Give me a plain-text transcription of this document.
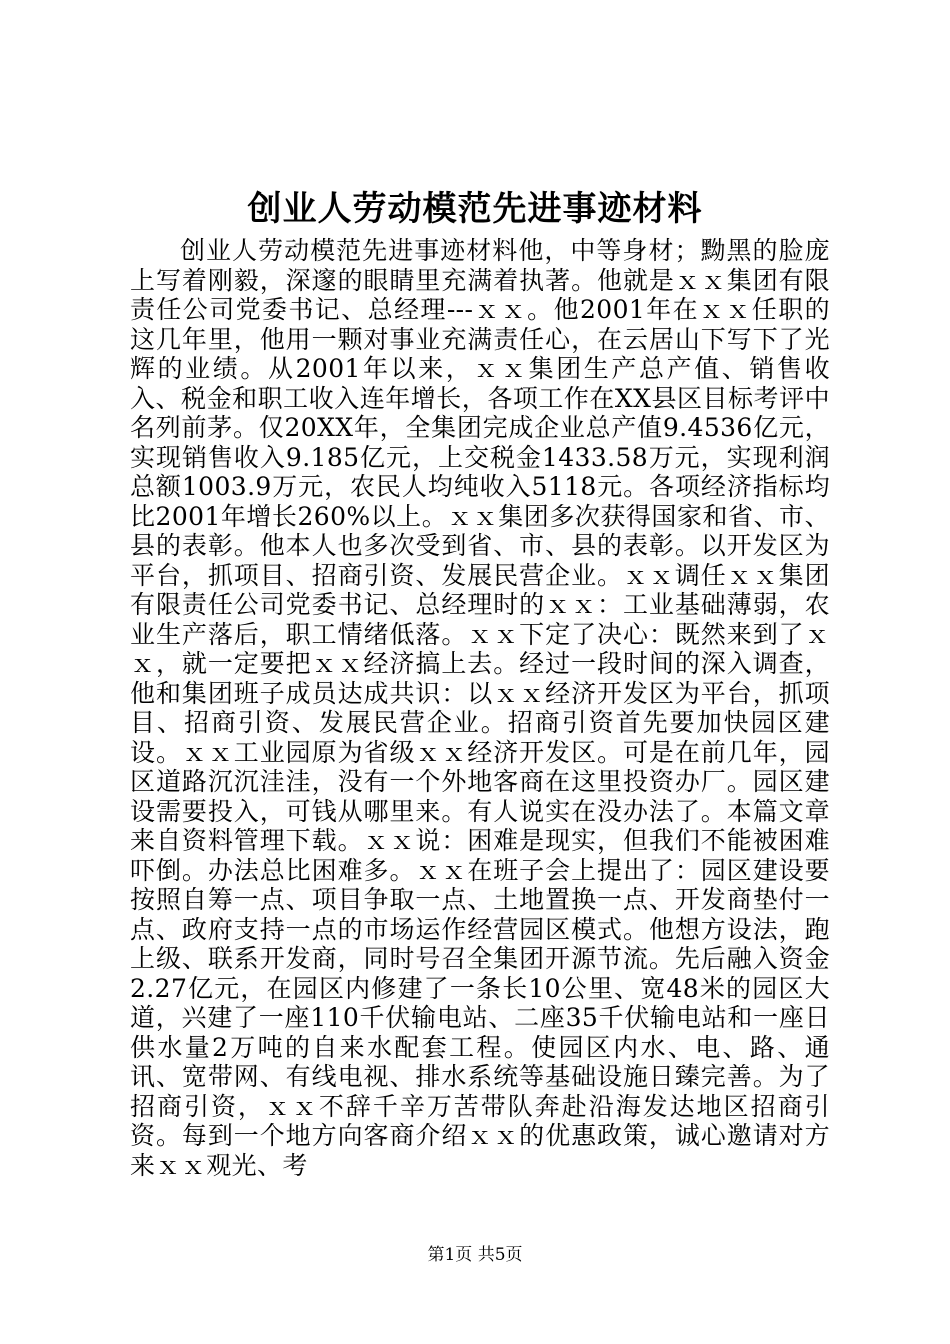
创业人劳动模范先进事迹材料

创业人劳动模范先进事迹材料他，中等身材；黝黑的脸庞上写着刚毅，深邃的眼睛里充满着执著。他就是ｘｘ集团有限责任公司党委书记、总经理---ｘｘ。他2001年在ｘｘ任职的这几年里，他用一颗对事业充满责任心，在云居山下写下了光辉的业绩。从2001年以来，ｘｘ集团生产总产值、销售收入、税金和职工收入连年增长，各项工作在XX县区目标考评中名列前茅。仅20XX年，全集团完成企业总产值9.4536亿元，实现销售收入9.185亿元，上交税金1433.58万元，实现利润总额1003.9万元，农民人均纯收入5118元。各项经济指标均比2001年增长260%以上。ｘｘ集团多次获得国家和省、市、县的表彰。他本人也多次受到省、市、县的表彰。以开发区为平台，抓项目、招商引资、发展民营企业。ｘｘ调任ｘｘ集团有限责任公司党委书记、总经理时的ｘｘ：工业基础薄弱，农业生产落后，职工情绪低落。ｘｘ下定了决心：既然来到了ｘｘ，就一定要把ｘｘ经济搞上去。经过一段时间的深入调查，他和集团班子成员达成共识：以ｘｘ经济开发区为平台，抓项目、招商引资、发展民营企业。招商引资首先要加快园区建设。ｘｘ工业园原为省级ｘｘ经济开发区。可是在前几年，园区道路沉沉洼洼，没有一个外地客商在这里投资办厂。园区建设需要投入，可钱从哪里来。有人说实在没办法了。本篇文章来自资料管理下载。ｘｘ说：困难是现实，但我们不能被困难吓倒。办法总比困难多。ｘｘ在班子会上提出了：园区建设要按照自筹一点、项目争取一点、土地置换一点、开发商垫付一点、政府支持一点的市场运作经营园区模式。他想方设法，跑上级、联系开发商，同时号召全集团开源节流。先后融入资金2.27亿元，在园区内修建了一条长10公里、宽48米的园区大道，兴建了一座110千伏输电站、二座35千伏输电站和一座日供水量2万吨的自来水配套工程。使园区内水、电、路、通讯、宽带网、有线电视、排水系统等基础设施日臻完善。为了招商引资，ｘｘ不辞千辛万苦带队奔赴沿海发达地区招商引资。每到一个地方向客商介绍ｘｘ的优惠政策，诚心邀请对方来ｘｘ观光、考

第1页 共5页
